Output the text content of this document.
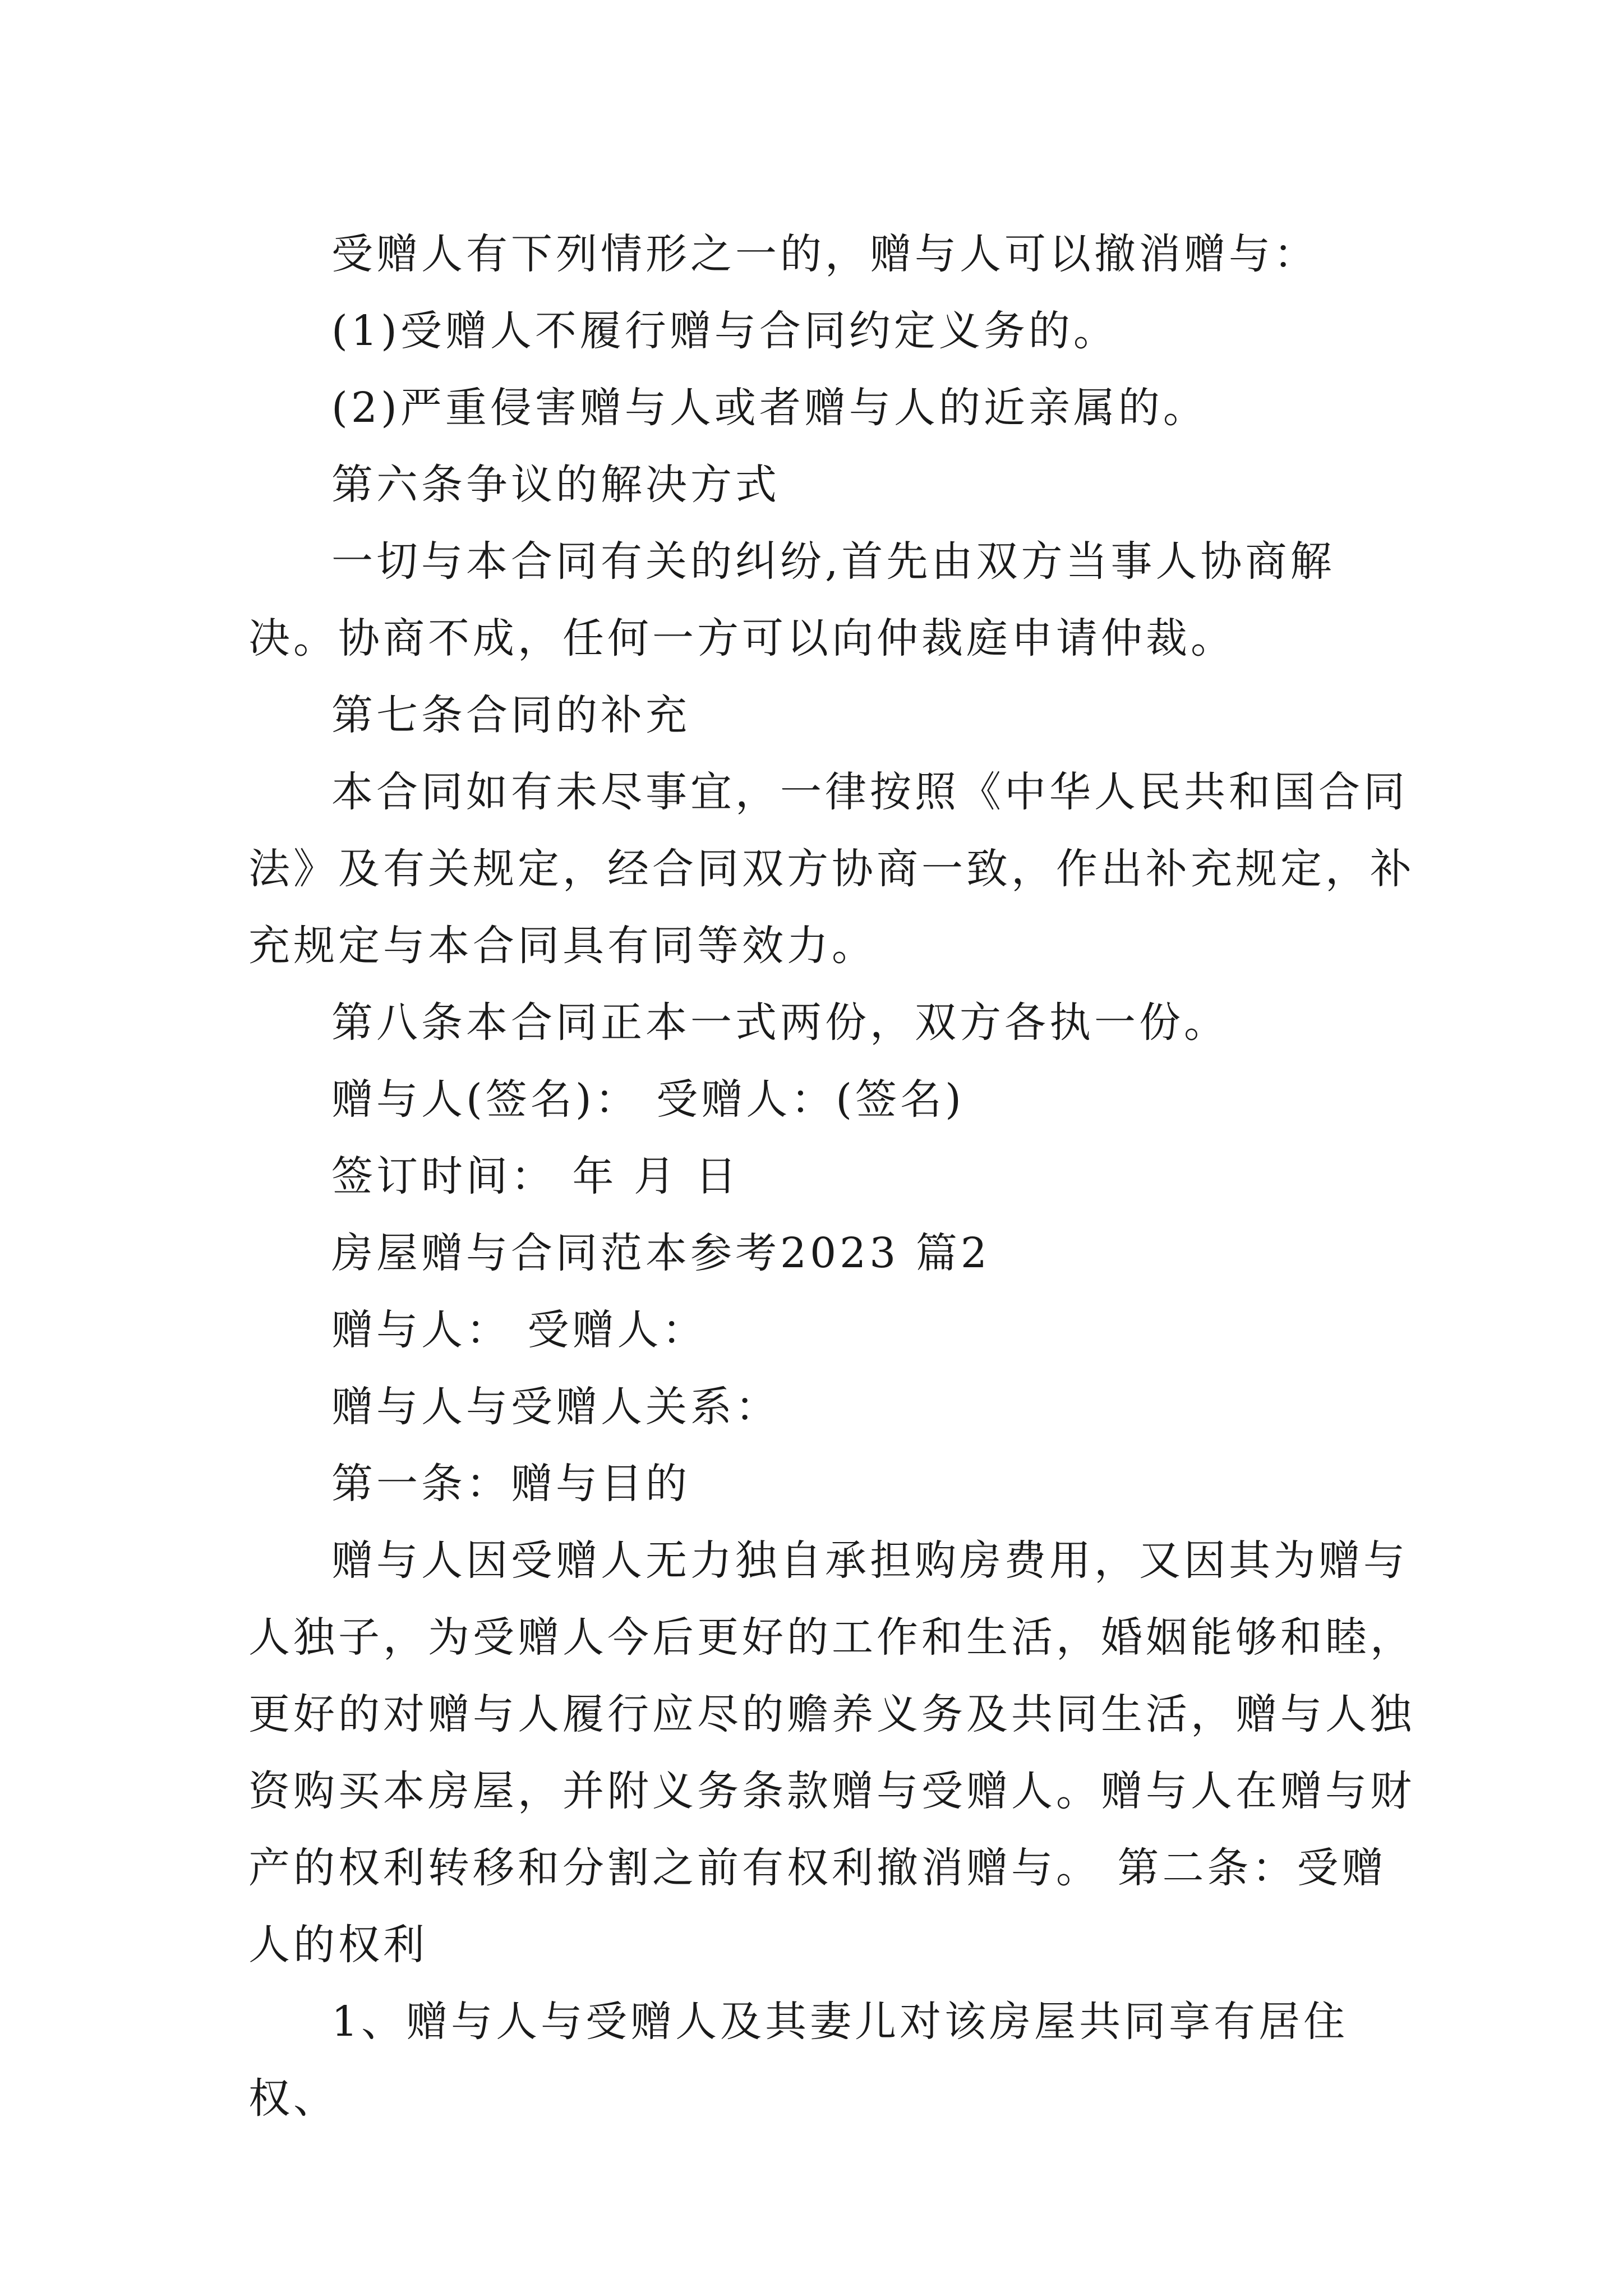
受赠人有下列情形之一的，赠与人可以撤消赠与：

(1)受赠人不履行赠与合同约定义务的。

(2)严重侵害赠与人或者赠与人的近亲属的。

第六条争议的解决方式

一切与本合同有关的纠纷,首先由双方当事人协商解决。协商不成，任何一方可以向仲裁庭申请仲裁。

第七条合同的补充

本合同如有未尽事宜，一律按照《中华人民共和国合同法》及有关规定，经合同双方协商一致，作出补充规定，补充规定与本合同具有同等效力。

第八条本合同正本一式两份，双方各执一份。

赠与人(签名)： 受赠人：(签名)

签订时间： 年 月 日

房屋赠与合同范本参考2023 篇2

赠与人： 受赠人：

赠与人与受赠人关系：

第一条：赠与目的

赠与人因受赠人无力独自承担购房费用，又因其为赠与人独子，为受赠人今后更好的工作和生活，婚姻能够和睦，更好的对赠与人履行应尽的赡养义务及共同生活，赠与人独资购买本房屋，并附义务条款赠与受赠人。赠与人在赠与财产的权利转移和分割之前有权利撤消赠与。 第二条：受赠人的权利

1、赠与人与受赠人及其妻儿对该房屋共同享有居住权、
